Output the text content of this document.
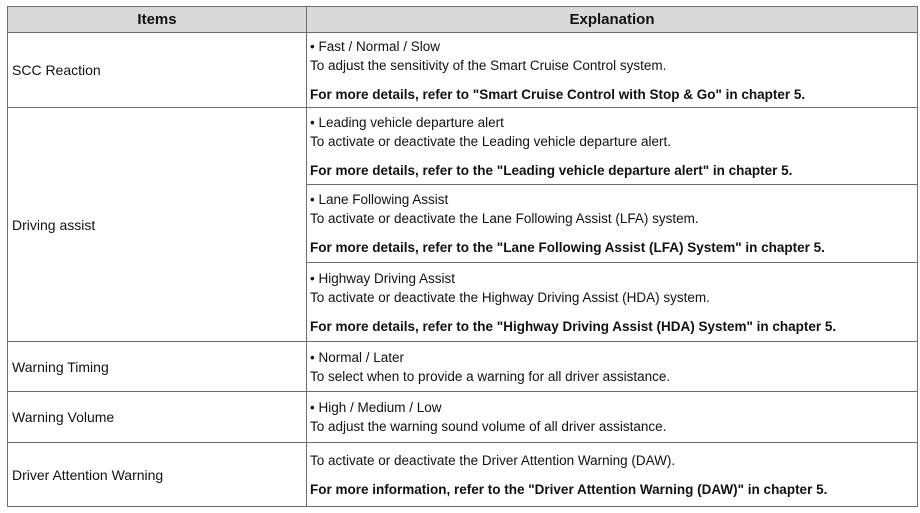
Items	Explanation
SCC Reaction	• Fast / Normal / Slow
To adjust the sensitivity of the Smart Cruise Control system.
For more details, refer to "Smart Cruise Control with Stop & Go" in chapter 5.

Driving assist	• Leading vehicle departure alert
To activate or deactivate the Leading vehicle departure alert.
For more details, refer to the "Leading vehicle departure alert" in chapter 5.

	• Lane Following Assist
To activate or deactivate the Lane Following Assist (LFA) system.
For more details, refer to the "Lane Following Assist (LFA) System" in chapter 5.

	• Highway Driving Assist
To activate or deactivate the Highway Driving Assist (HDA) system.
For more details, refer to the "Highway Driving Assist (HDA) System" in chapter 5.

Warning Timing	• Normal / Later
To select when to provide a warning for all driver assistance.

Warning Volume	• High / Medium / Low
To adjust the warning sound volume of all driver assistance.

Driver Attention Warning	To activate or deactivate the Driver Attention Warning (DAW).
For more information, refer to the "Driver Attention Warning (DAW)" in chapter 5.
